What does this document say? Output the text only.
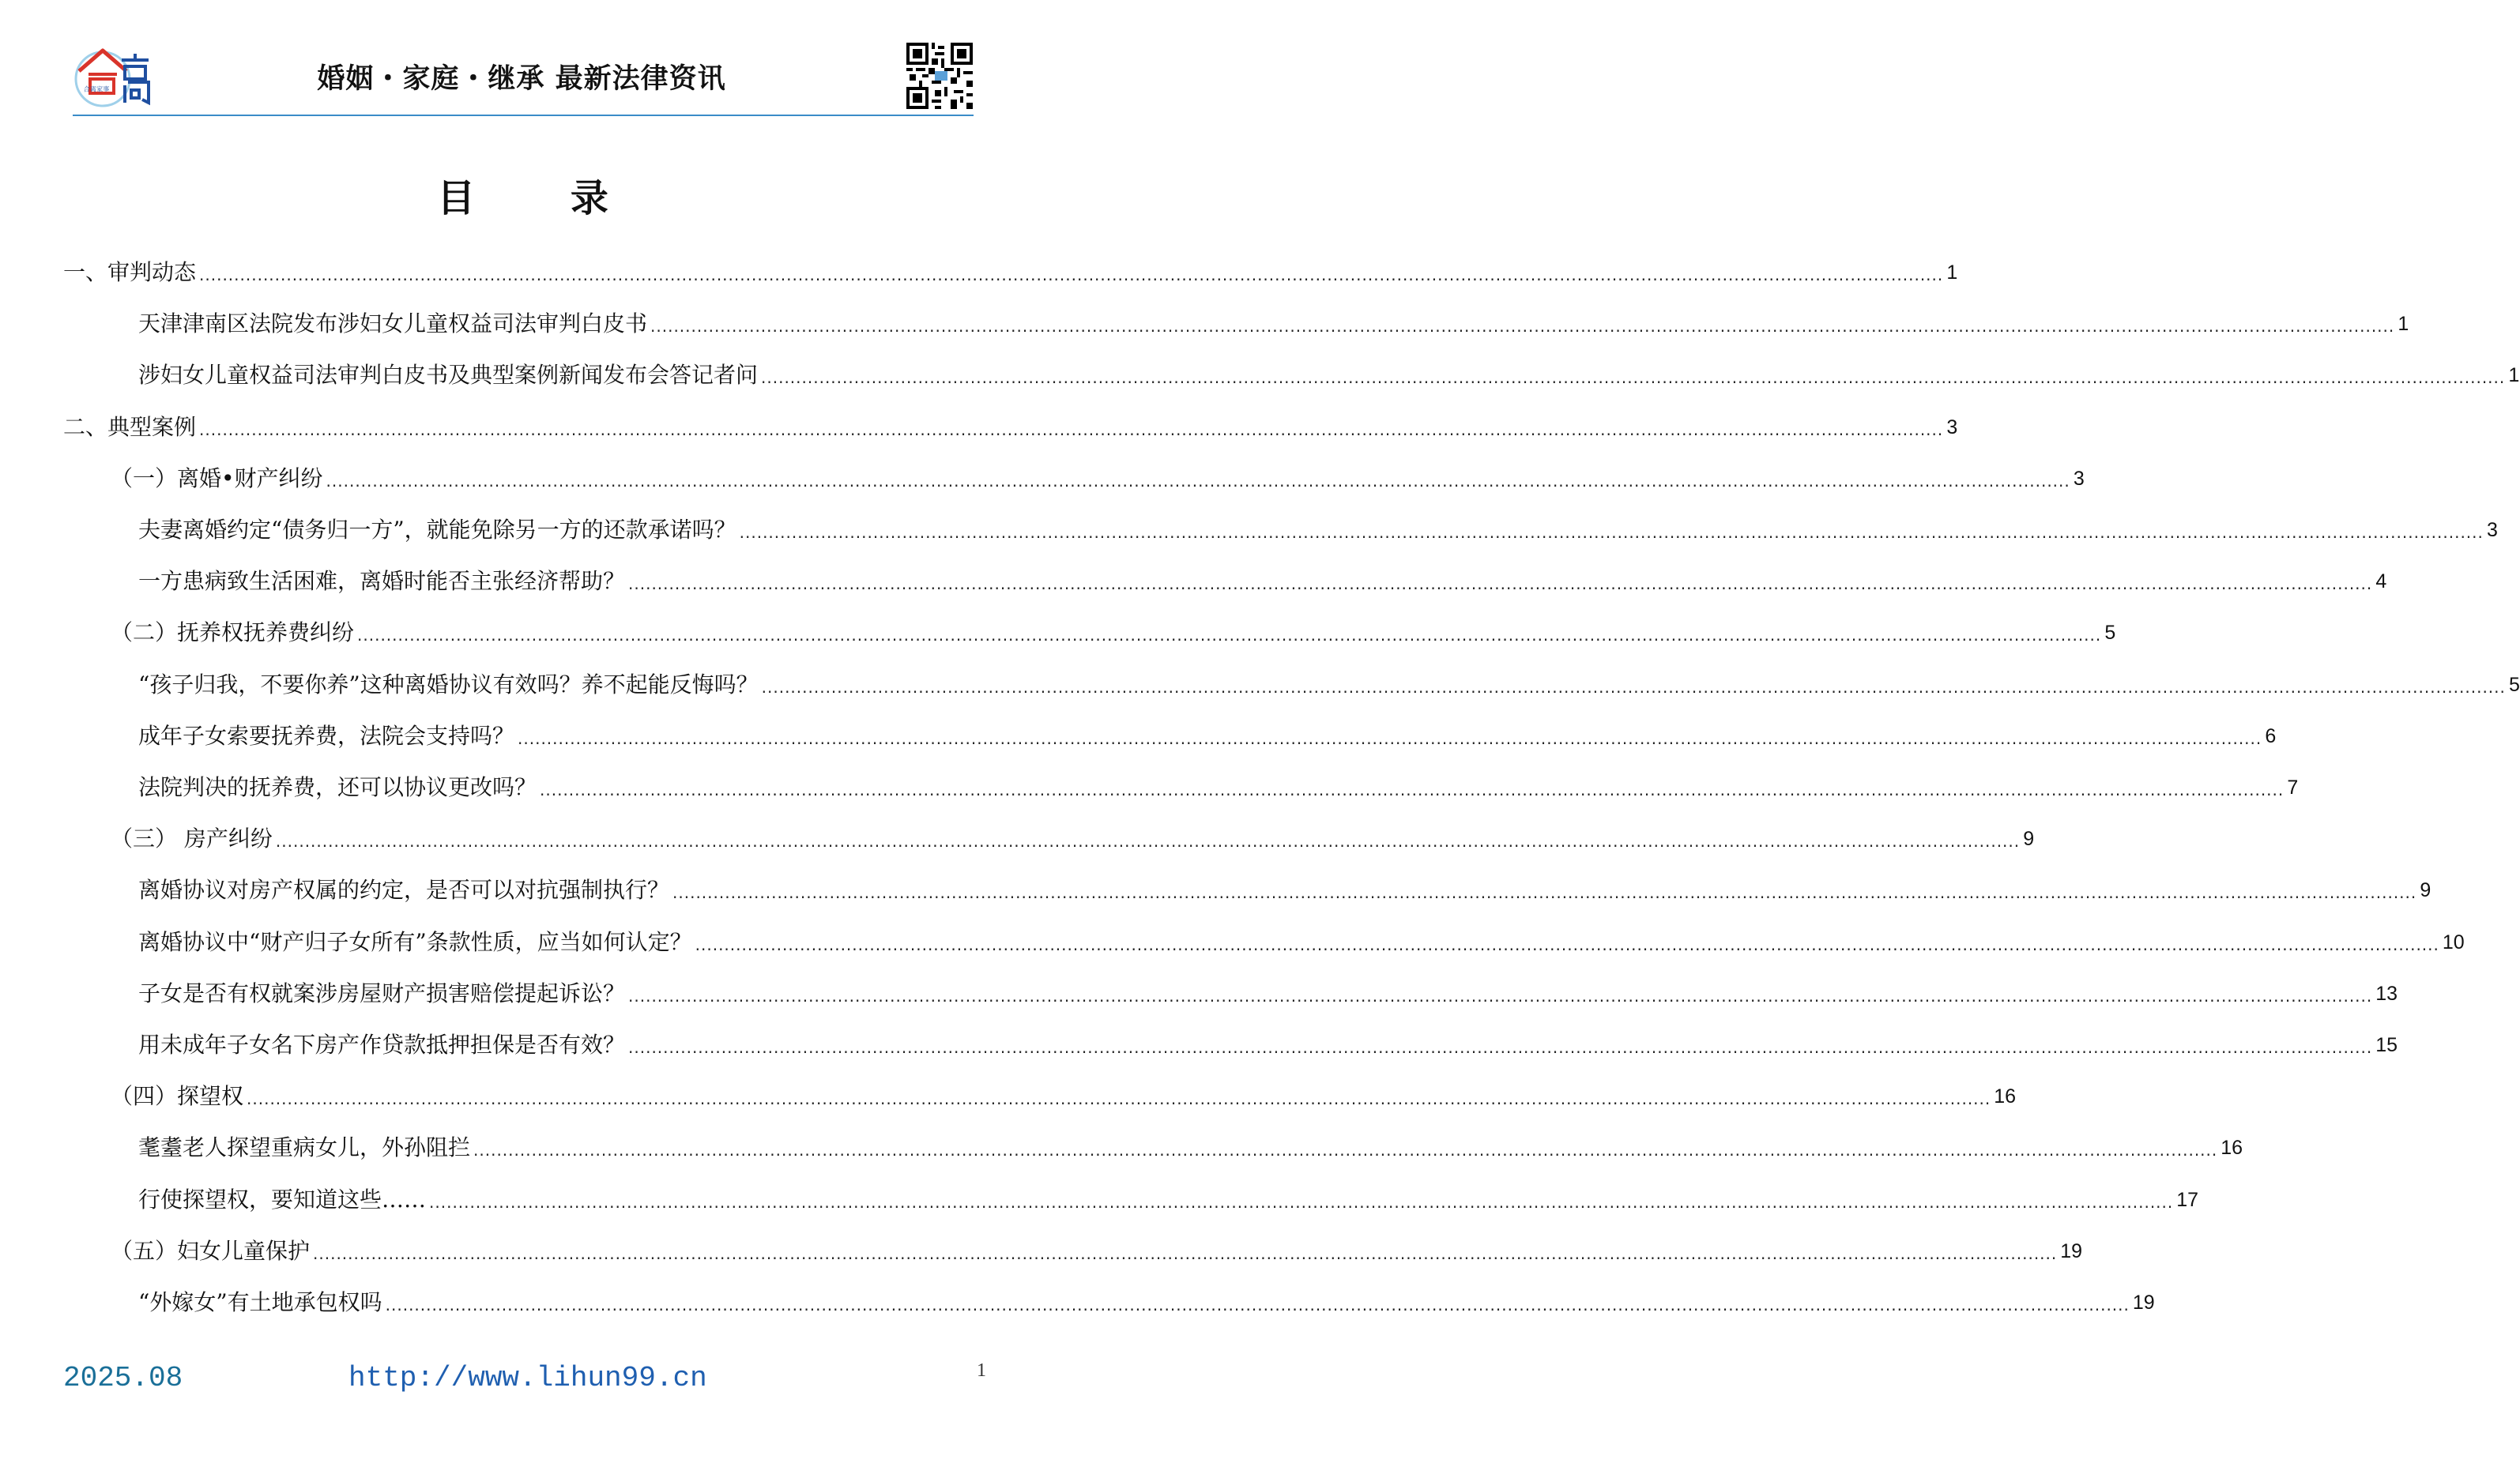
合离家事	婚姻・家庭・继承 最新法律资讯
目 录
一、审判动态 ............................................................................................................................................................................................................................................................................................................ 1
天津津南区法院发布涉妇女儿童权益司法审判白皮书 ............................................................................................................................................................................................................................................................................................................ 1
涉妇女儿童权益司法审判白皮书及典型案例新闻发布会答记者问 ............................................................................................................................................................................................................................................................................................................ 1
二、典型案例 ............................................................................................................................................................................................................................................................................................................ 3
（一）离婚•财产纠纷 ............................................................................................................................................................................................................................................................................................................ 3
夫妻离婚约定“债务归一方”，就能免除另一方的还款承诺吗？ ............................................................................................................................................................................................................................................................................................................ 3
一方患病致生活困难，离婚时能否主张经济帮助？ ............................................................................................................................................................................................................................................................................................................ 4
（二）抚养权抚养费纠纷 ............................................................................................................................................................................................................................................................................................................ 5
“孩子归我，不要你养”这种离婚协议有效吗？养不起能反悔吗？ ............................................................................................................................................................................................................................................................................................................ 5
成年子女索要抚养费，法院会支持吗？ ............................................................................................................................................................................................................................................................................................................ 6
法院判决的抚养费，还可以协议更改吗？ ............................................................................................................................................................................................................................................................................................................ 7
（三） 房产纠纷 ............................................................................................................................................................................................................................................................................................................ 9
离婚协议对房产权属的约定，是否可以对抗强制执行？ ............................................................................................................................................................................................................................................................................................................ 9
离婚协议中“财产归子女所有”条款性质，应当如何认定？ ............................................................................................................................................................................................................................................................................................................ 10
子女是否有权就案涉房屋财产损害赔偿提起诉讼？ ............................................................................................................................................................................................................................................................................................................ 13
用未成年子女名下房产作贷款抵押担保是否有效？ ............................................................................................................................................................................................................................................................................................................ 15
（四）探望权 ............................................................................................................................................................................................................................................................................................................ 16
耄耋老人探望重病女儿，外孙阻拦 ............................................................................................................................................................................................................................................................................................................ 16
行使探望权，要知道这些…… ............................................................................................................................................................................................................................................................................................................ 17
（五）妇女儿童保护 ............................................................................................................................................................................................................................................................................................................ 19
“外嫁女”有土地承包权吗 ............................................................................................................................................................................................................................................................................................................ 19
2025.08	http://www.lihun99.cn	1
